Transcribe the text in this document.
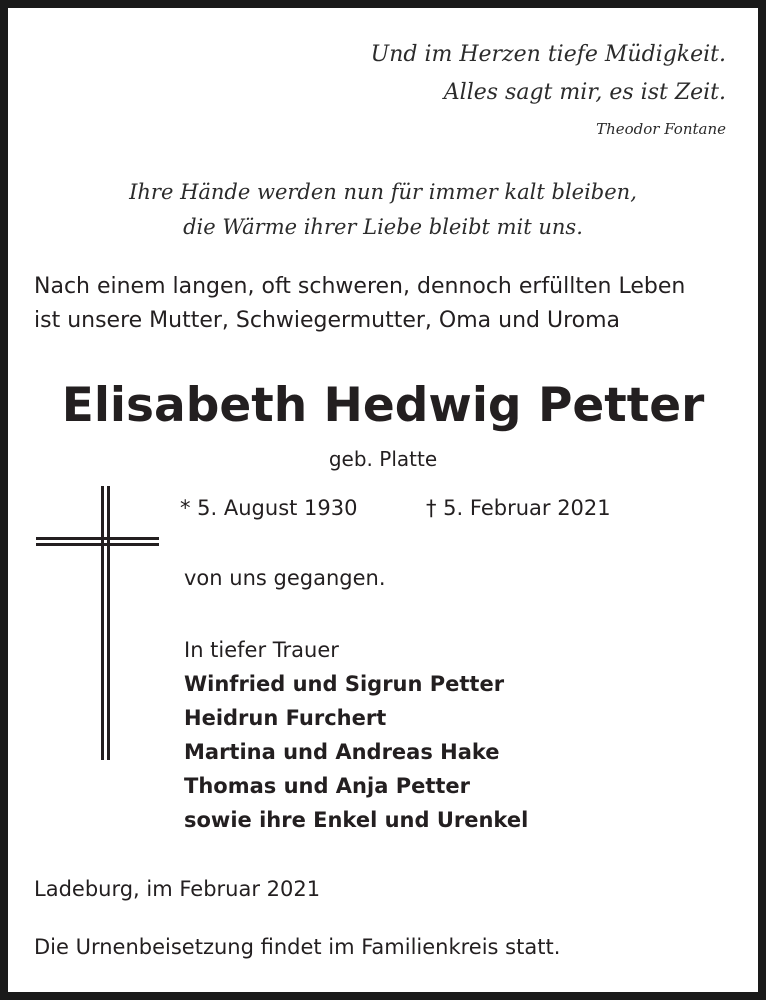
Und im Herzen tiefe Müdigkeit.
Alles sagt mir, es ist Zeit.
Theodor Fontane
Ihre Hände werden nun für immer kalt bleiben,
die Wärme ihrer Liebe bleibt mit uns.
Nach einem langen, oft schweren, dennoch erfüllten Leben
ist unsere Mutter, Schwiegermutter, Oma und Uroma
Elisabeth Hedwig Petter
geb. Platte
* 5. August 1930	† 5. Februar 2021
von uns gegangen.
In tiefer Trauer
Winfried und Sigrun Petter
Heidrun Furchert
Martina und Andreas Hake
Thomas und Anja Petter
sowie ihre Enkel und Urenkel
Ladeburg, im Februar 2021
Die Urnenbeisetzung findet im Familienkreis statt.
